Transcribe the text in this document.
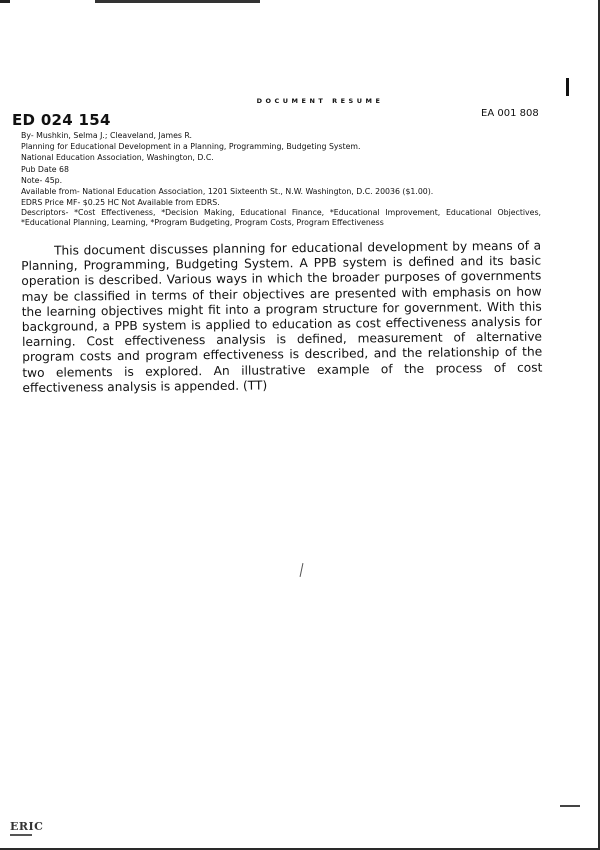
DOCUMENT RESUME
ED 024 154	EA 001 808
By- Mushkin, Selma J.; Cleaveland, James R.
Planning for Educational Development in a Planning, Programming, Budgeting System.
National Education Association, Washington, D.C.
Pub Date 68
Note- 45p.
Available from- National Education Association, 1201 Sixteenth St., N.W. Washington, D.C. 20036 ($1.00).
EDRS Price MF- $0.25 HC Not Available from EDRS.
Descriptors- *Cost Effectiveness, *Decision Making, Educational Finance, *Educational Improvement, Educational Objectives, *Educational Planning, Learning, *Program Budgeting, Program Costs, Program Effectiveness
This document discusses planning for educational development by means of a Planning, Programming, Budgeting System. A PPB system is defined and its basic operation is described. Various ways in which the broader purposes of governments may be classified in terms of their objectives are presented with emphasis on how the learning objectives might fit into a program structure for government. With this background, a PPB system is applied to education as cost effectiveness analysis for learning. Cost effectiveness analysis is defined, measurement of alternative program costs and program effectiveness is described, and the relationship of the two elements is explored. An illustrative example of the process of cost effectiveness analysis is appended. (TT)
ERIC
